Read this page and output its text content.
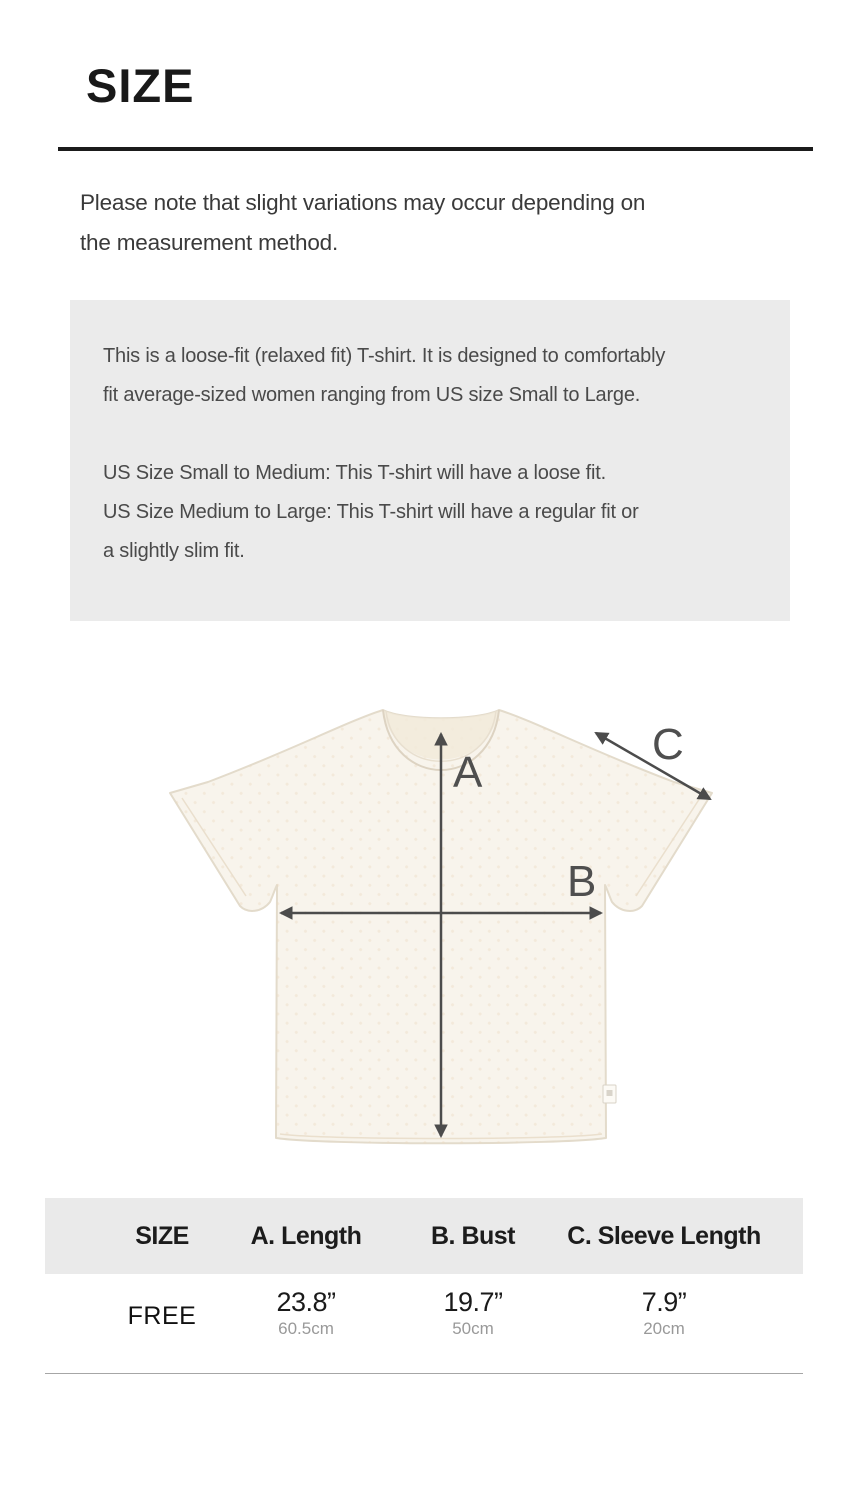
SIZE
Please note that slight variations may occur depending on
the measurement method.
This is a loose-fit (relaxed fit) T-shirt. It is designed to comfortably
fit average-sized women ranging from US size Small to Large.
US Size Small to Medium: This T-shirt will have a loose fit.
US Size Medium to Large: This T-shirt will have a regular fit or
a slightly slim fit.
A
B
C
SIZE A. Length	B. Bust C. Sleeve Length
FREE	23.8”
60.5cm
19.7”
50cm
7.9”
20cm
